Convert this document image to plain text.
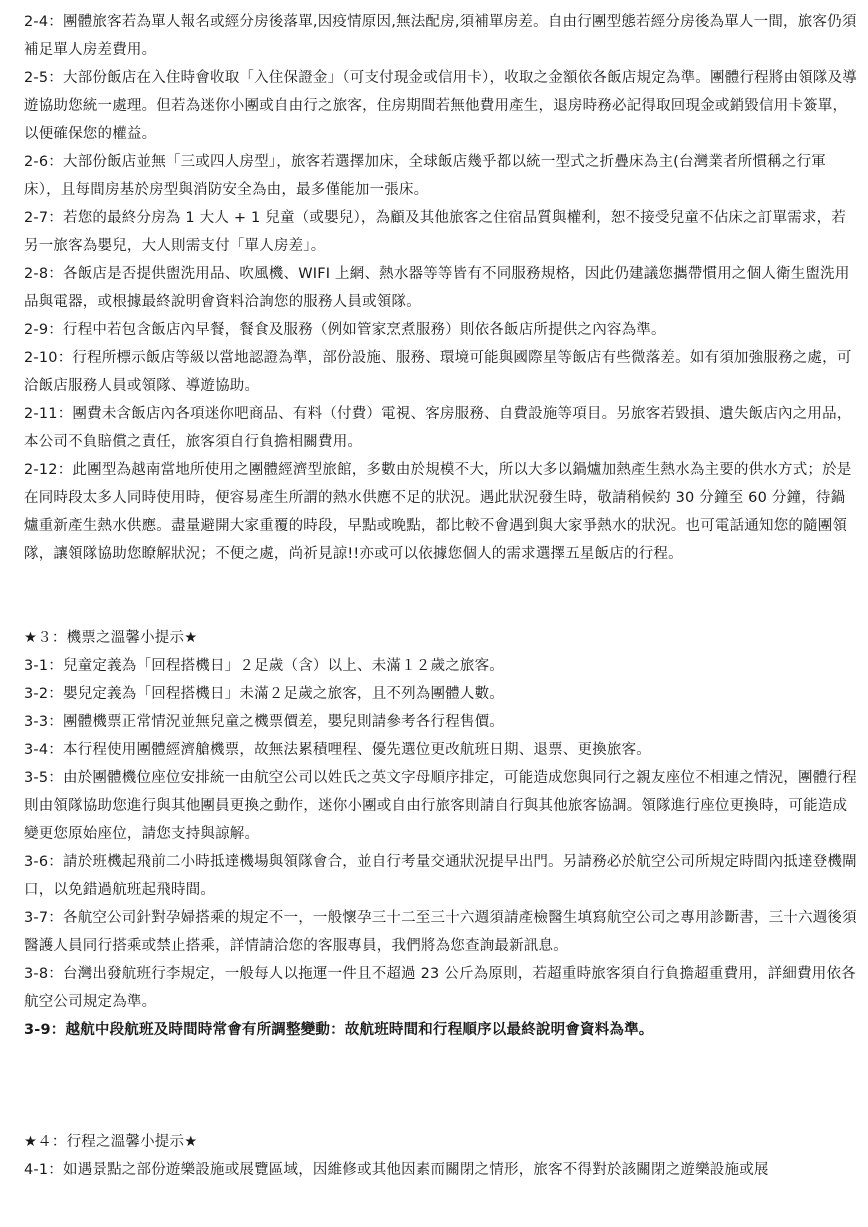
2-4：團體旅客若為單人報名或經分房後落單,因疫情原因,無法配房,須補單房差。自由行團型態若經分房後為單人一間，旅客仍須補足單人房差費用。

2-5：大部份飯店在入住時會收取「入住保證金」（可支付現金或信用卡），收取之金額依各飯店規定為準。團體行程將由領隊及導遊協助您統一處理。但若為迷你小團或自由行之旅客，住房期間若無他費用產生，退房時務必記得取回現金或銷毀信用卡簽單，以便確保您的權益。

2-6：大部份飯店並無「三或四人房型」，旅客若選擇加床，全球飯店幾乎都以統一型式之折疊床為主(台灣業者所慣稱之行軍床），且每間房基於房型與消防安全為由，最多僅能加一張床。

2-7：若您的最終分房為 1 大人 + 1 兒童（或嬰兒），為顧及其他旅客之住宿品質與權利，恕不接受兒童不佔床之訂單需求，若另一旅客為嬰兒，大人則需支付「單人房差」。

2-8：各飯店是否提供盥洗用品、吹風機、WIFI 上網、熱水器等等皆有不同服務規格，因此仍建議您攜帶慣用之個人衛生盥洗用品與電器，或根據最終說明會資料洽詢您的服務人員或領隊。

2-9：行程中若包含飯店內早餐，餐食及服務（例如管家烹煮服務）則依各飯店所提供之內容為準。

2-10：行程所標示飯店等級以當地認證為準，部份設施、服務、環境可能與國際星等飯店有些微落差。如有須加強服務之處，可洽飯店服務人員或領隊、導遊協助。

2-11：團費未含飯店內各項迷你吧商品、有料（付費）電視、客房服務、自費設施等項目。另旅客若毀損、遺失飯店內之用品，本公司不負賠償之責任，旅客須自行負擔相關費用。

2-12：此團型為越南當地所使用之團體經濟型旅館，多數由於規模不大，所以大多以鍋爐加熱產生熱水為主要的供水方式；於是在同時段太多人同時使用時，便容易產生所謂的熱水供應不足的狀況。遇此狀況發生時，敬請稍候約 30 分鐘至 60 分鐘，待鍋爐重新產生熱水供應。盡量避開大家重覆的時段，早點或晚點，都比較不會遇到與大家爭熱水的狀況。也可電話通知您的隨團領隊，讓領隊協助您瞭解狀況；不便之處，尚祈見諒!!亦或可以依據您個人的需求選擇五星飯店的行程。

★３：機票之溫馨小提示★

3-1：兒童定義為「回程搭機日」２足歲（含）以上、未滿１２歲之旅客。

3-2：嬰兒定義為「回程搭機日」未滿２足歲之旅客，且不列為團體人數。

3-3：團體機票正常情況並無兒童之機票價差，嬰兒則請參考各行程售價。

3-4：本行程使用團體經濟艙機票，故無法累積哩程、優先選位更改航班日期、退票、更換旅客。

3-5：由於團體機位座位安排統一由航空公司以姓氏之英文字母順序排定，可能造成您與同行之親友座位不相連之情況，團體行程則由領隊協助您進行與其他團員更換之動作，迷你小團或自由行旅客則請自行與其他旅客協調。領隊進行座位更換時，可能造成變更您原始座位，請您支持與諒解。

3-6：請於班機起飛前二小時抵達機場與領隊會合，並自行考量交通狀況提早出門。另請務必於航空公司所規定時間內抵達登機閘口，以免錯過航班起飛時間。

3-7：各航空公司針對孕婦搭乘的規定不一，一般懷孕三十二至三十六週須請產檢醫生填寫航空公司之專用診斷書，三十六週後須醫護人員同行搭乘或禁止搭乘，詳情請洽您的客服專員，我們將為您查詢最新訊息。

3-8：台灣出發航班行李規定，一般每人以拖運一件且不超過 23 公斤為原則，若超重時旅客須自行負擔超重費用，詳細費用依各航空公司規定為準。

3-9：越航中段航班及時間時常會有所調整變動：故航班時間和行程順序以最終說明會資料為準。

★４：行程之溫馨小提示★

4-1：如遇景點之部份遊樂設施或展覽區域，因維修或其他因素而關閉之情形，旅客不得對於該關閉之遊樂設施或展
